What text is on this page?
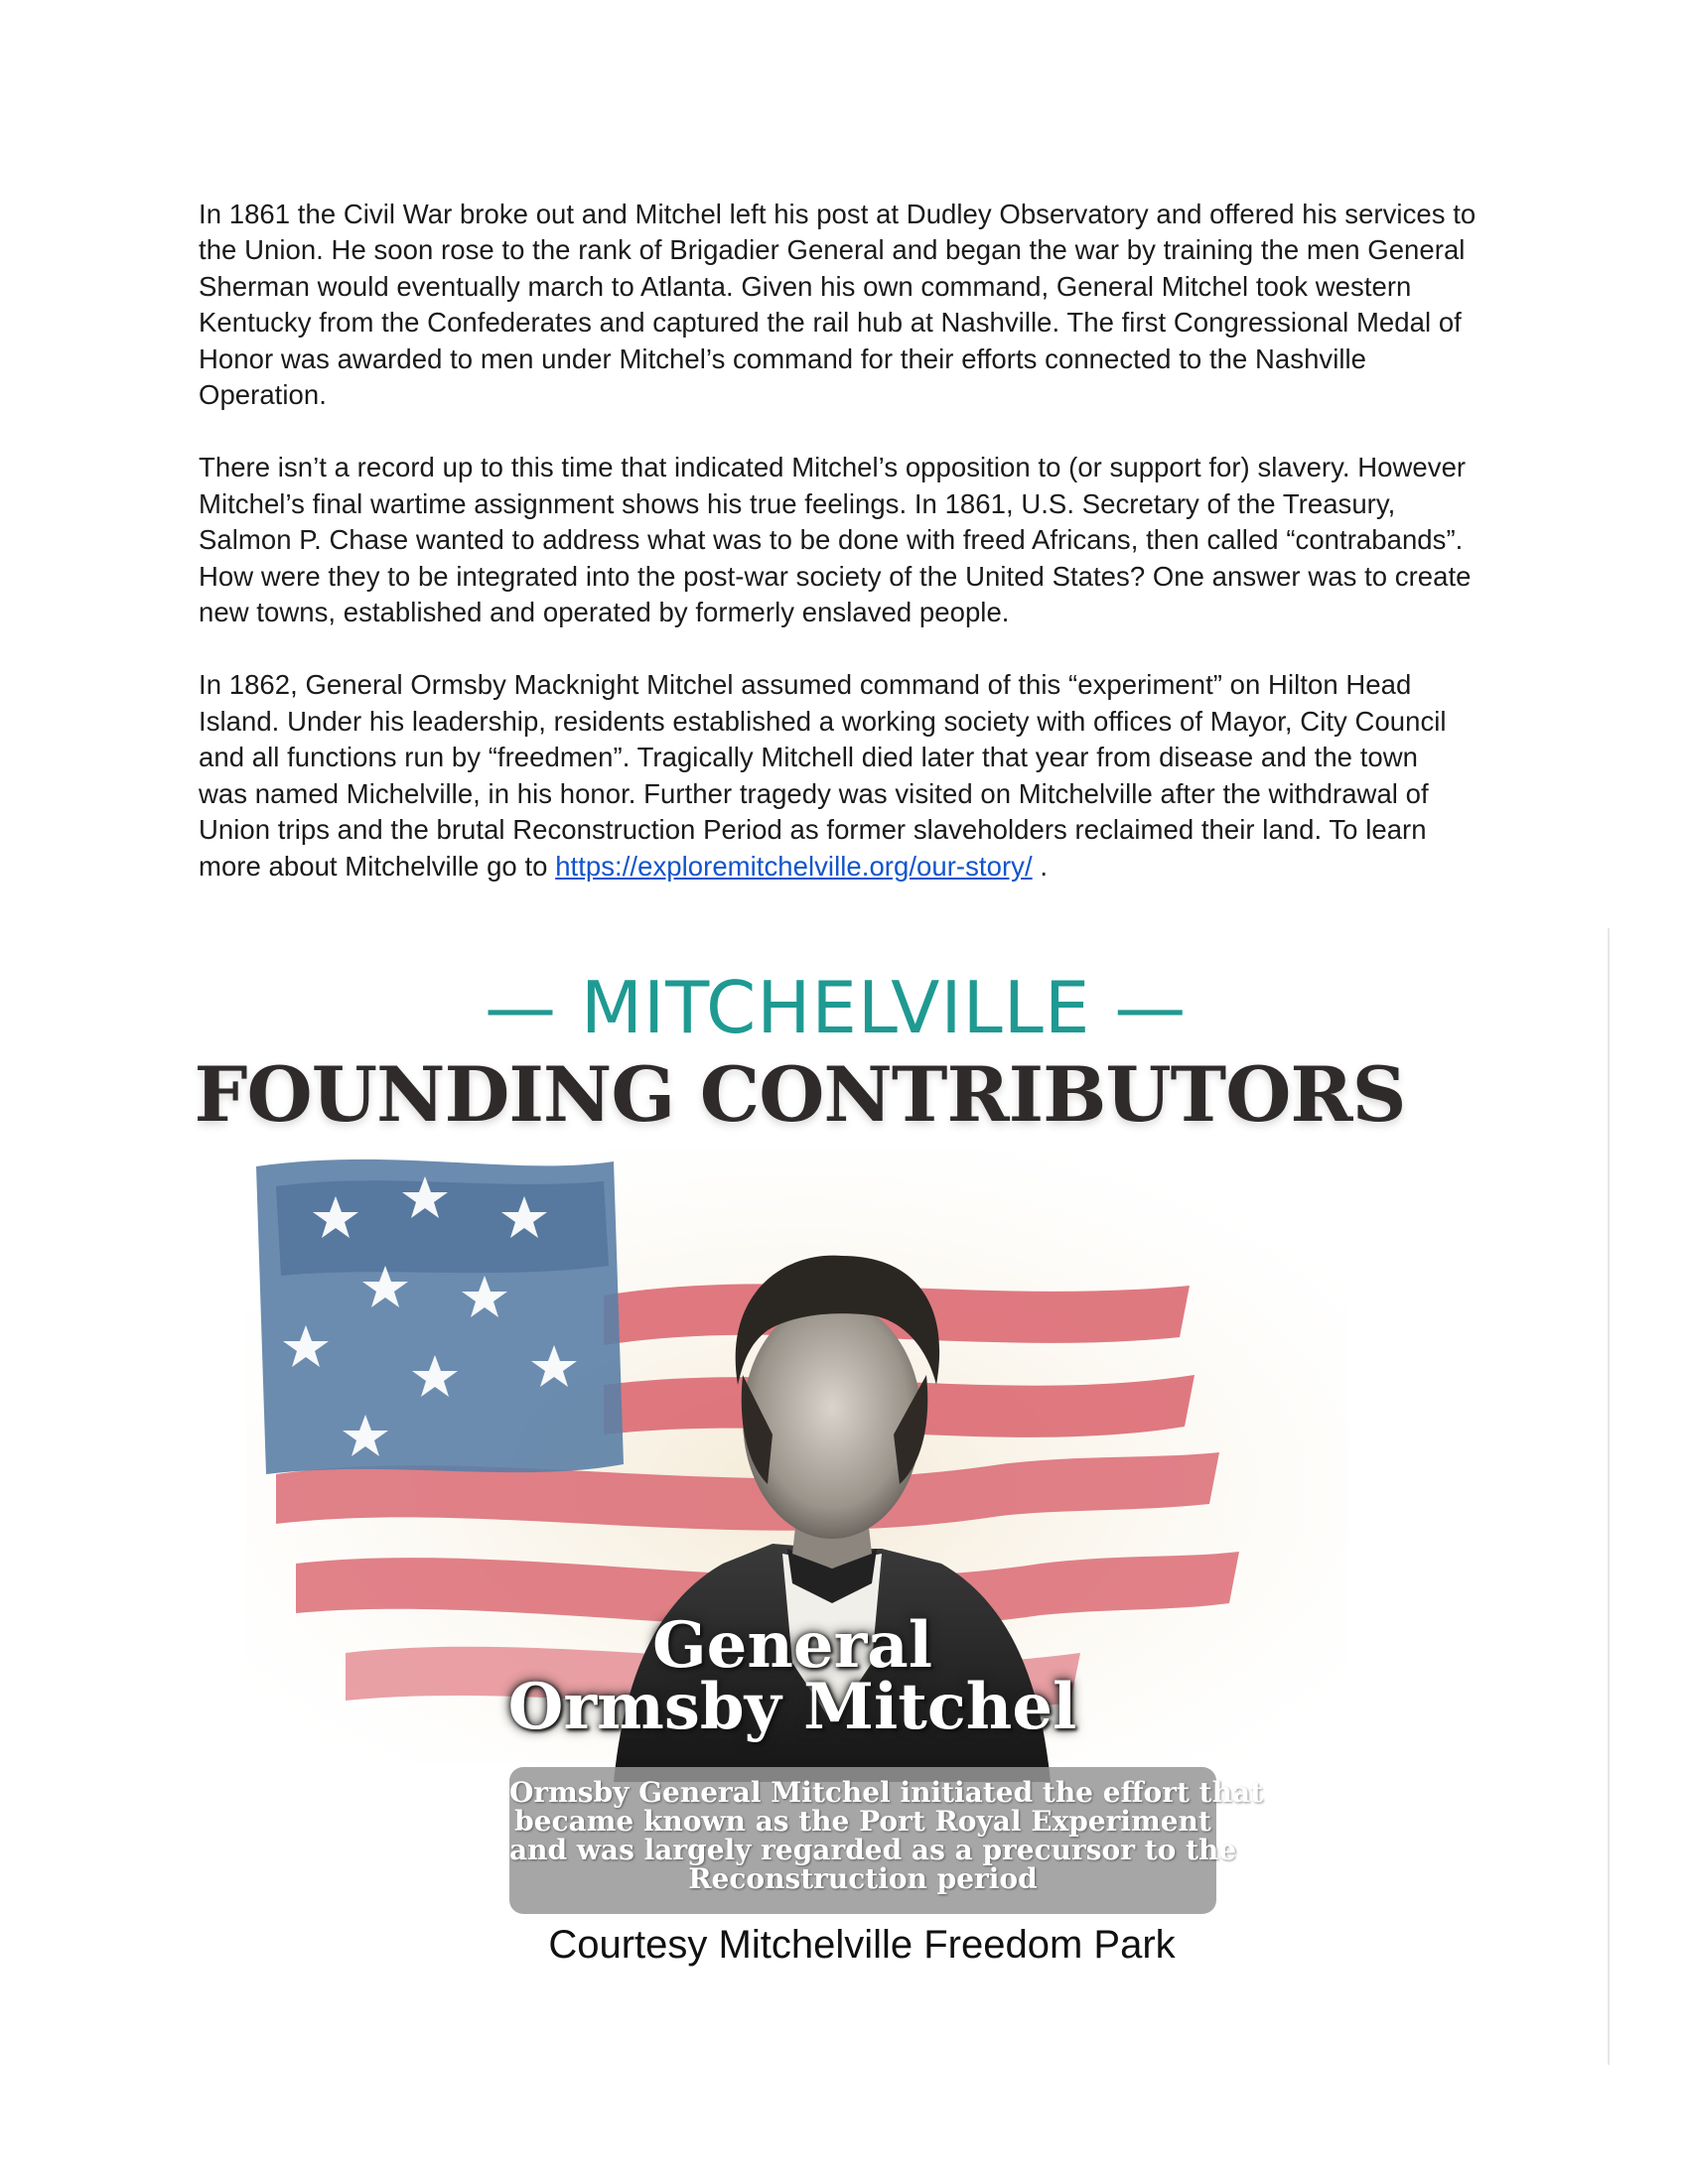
In 1861 the Civil War broke out and Mitchel left his post at Dudley Observatory and offered his services to
the Union. He soon rose to the rank of Brigadier General and began the war by training the men General
Sherman would eventually march to Atlanta. Given his own command, General Mitchel took western
Kentucky from the Confederates and captured the rail hub at Nashville. The first Congressional Medal of
Honor was awarded to men under Mitchel’s command for their efforts connected to the Nashville
Operation.

There isn’t a record up to this time that indicated Mitchel’s opposition to (or support for) slavery. However
Mitchel’s final wartime assignment shows his true feelings. In 1861, U.S. Secretary of the Treasury,
Salmon P. Chase wanted to address what was to be done with freed Africans, then called “contrabands”.
How were they to be integrated into the post-war society of the United States? One answer was to create
new towns, established and operated by formerly enslaved people.

In 1862, General Ormsby Macknight Mitchel assumed command of this “experiment” on Hilton Head
Island. Under his leadership, residents established a working society with offices of Mayor, City Council
and all functions run by “freedmen”. Tragically Mitchell died later that year from disease and the town
was named Michelville, in his honor. Further tragedy was visited on Mitchelville after the withdrawal of
Union trips and the brutal Reconstruction Period as former slaveholders reclaimed their land. To learn
more about Mitchelville go to https://exploremitchelville.org/our-story/ .

— MITCHELVILLE —
FOUNDING CONTRIBUTORS
General
Ormsby Mitchel
Ormsby General Mitchel initiated the effort that
became known as the Port Royal Experiment
and was largely regarded as a precursor to the
Reconstruction period
Courtesy Mitchelville Freedom Park
